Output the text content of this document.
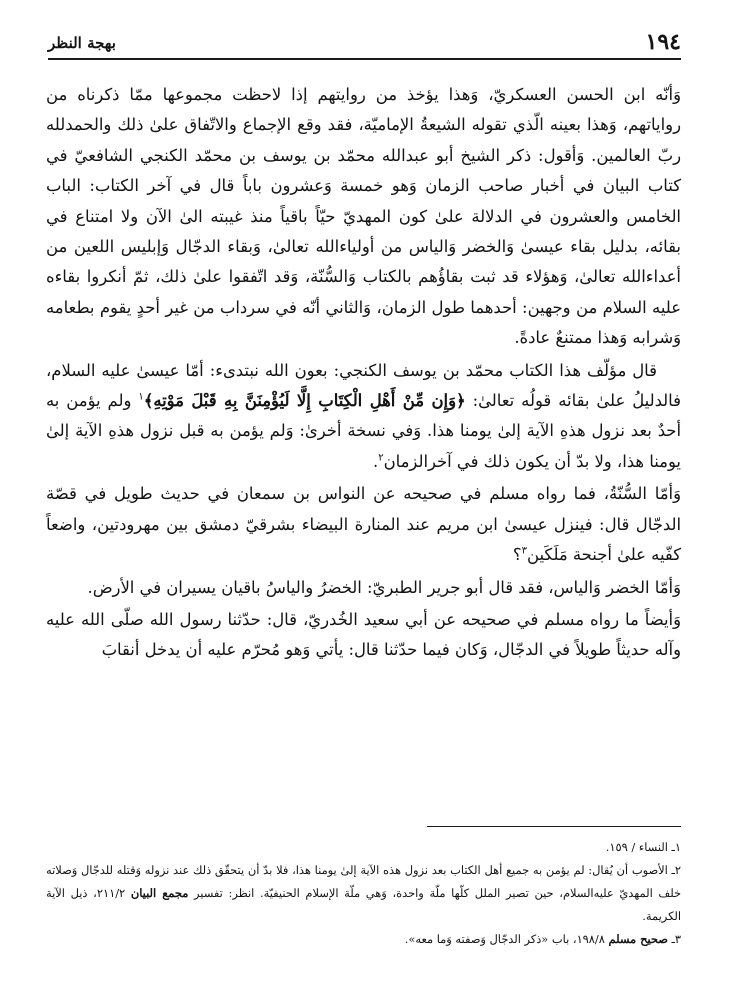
١٩٤
بهجة النظر

وَأنّه ابن الحسن العسكريّ، وَهذا يؤخذ من روايتهم إذا لاحظت مجموعها ممّا ذكرناه من رواياتهم، وَهذا بعينه الّذي تقوله الشيعةُ الإماميّة، فقد وقع الإجماع والاتّفاق علىٰ ذلك والحمدلله ربّ العالمين. وَأقول: ذكر الشيخ أبو عبدالله محمّد بن يوسف بن محمّد الكنجي الشافعيّ في كتاب البيان في أخبار صاحب الزمان وَهو خمسة وَعشرون باباً قال في آخر الكتاب: الباب الخامس والعشرون في الدلالة علىٰ كون المهديّ حيّاً باقياً منذ غيبته الىٰ الآن ولا امتناع في بقائه، بدليل بقاء عيسىٰ وَالخضر وَالياس من أولياءالله تعالىٰ، وَبقاء الدجّال وَإبليس اللعين من أعداءالله تعالىٰ، وَهؤلاء قد ثبت بقاؤُهم بالكتاب وَالسُّنّة، وَقد اتّفقوا علىٰ ذلك، ثمّ أنكروا بقاءه عليه السلام من وجهين: أحدهما طول الزمان، وَالثاني أنّه في سرداب من غير أحدٍ يقوم بطعامه وَشرابه وَهذا ممتنعٌ عادةً.

قال مؤلّف هذا الكتاب محمّد بن يوسف الكنجي: بعون الله نبتدىء: أمّا عيسىٰ عليه السلام، فالدليلُ علىٰ بقائه قولُه تعالىٰ: ﴿وَإِن مِّنْ أَهْلِ الْكِتَابِ إِلَّا لَيُؤْمِنَنَّ بِهِ قَبْلَ مَوْتِهِ﴾$^١$ ولم يؤمن به أحدٌ بعد نزول هذهِ الآية إلىٰ يومنا هذا. وَفي نسخة أخرىٰ: وَلم يؤمن به قبل نزول هذهِ الآية إلىٰ يومنا هذا، ولا بدّ أن يكون ذلك في آخرالزمان$^٢$.

وَأمّا السُّنّةُ، فما رواه مسلم في صحيحه عن النواس بن سمعان في حديث طويل في قصّة الدجّال قال: فينزل عيسىٰ ابن مريم عند المنارة البيضاء بشرقيّ دمشق بين مهرودتين، واضعاً كفّيه علىٰ أجنحة مَلَكَين$^٣$؟

وَأمّا الخضر وَالياس، فقد قال أبو جرير الطبريّ: الخضرُ والياسُ باقيان يسيران في الأرض.

وَأيضاً ما رواه مسلم في صحيحه عن أبي سعيد الخُدريّ، قال: حدّثنا رسول الله صلّى الله عليه وآله حديثاً طويلاً في الدجّال، وَكان فيما حدّثنا قال: يأتي وَهو مُحرّم عليه أن يدخل أنقابَ

١ـ النساء / ١٥٩.

٢ـ الأصوب أن يُقال: لم يؤمن به جميع أهل الكتاب بعد نزول هذه الآية إلىٰ يومنا هذا، فلا بدّ أن يتحقّق ذلك عند نزوله وَقتله للدجّال وَصلاته خلف المهديّ عليه‌السلام، حين تصير الملل كلّها ملّة واحدة، وَهي ملّة الإسلام الحنيفيّة. انظر: تفسير مجمع البيان ٢١١/٢، ذيل الآية الكريمة.

٣ـ صحيح مسلم ١٩٨/٨، باب «ذكر الدجّال وَصفته وَما معه».
